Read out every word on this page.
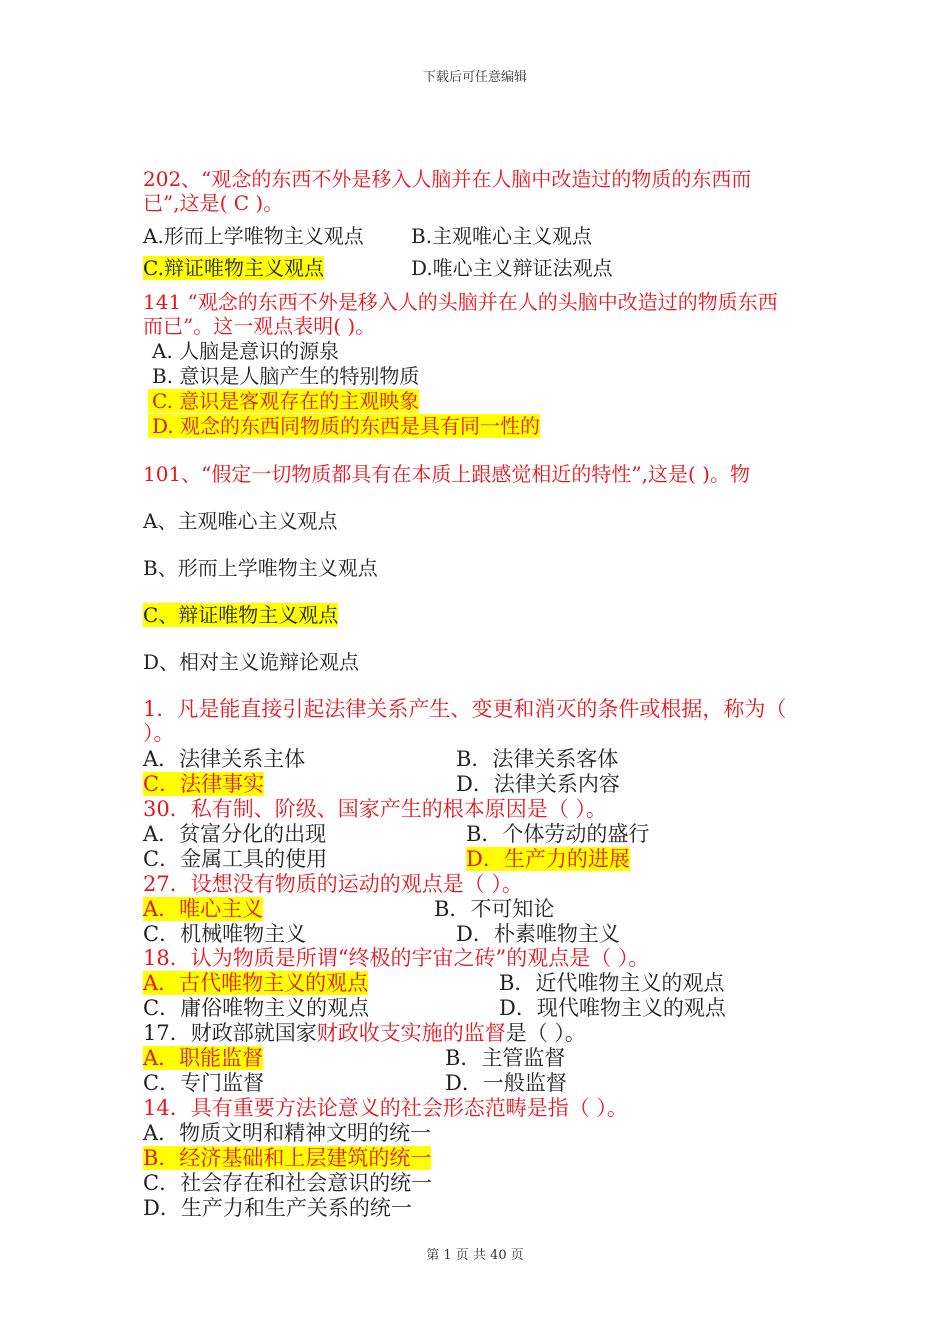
下载后可任意编辑
202、“观念的东西不外是移入人脑并在人脑中改造过的物质的东西而
已”,这是( C )。
A.形而上学唯物主义观点 B.主观唯心主义观点
C.辩证唯物主义观点	D.唯心主义辩证法观点
141 “观念的东西不外是移入人的头脑并在人的头脑中改造过的物质东西
而已”。这一观点表明( )。
A. 人脑是意识的源泉
B. 意识是人脑产生的特别物质
C. 意识是客观存在的主观映象
D. 观念的东西同物质的东西是具有同一性的
101、“假定一切物质都具有在本质上跟感觉相近的特性”,这是( )。物
A、主观唯心主义观点
B、形而上学唯物主义观点
C、辩证唯物主义观点
D、相对主义诡辩论观点
1．凡是能直接引起法律关系产生、变更和消灭的条件或根据，称为（
）。
A．法律关系主体	B．法律关系客体
C．法律事实	D．法律关系内容
30．私有制、阶级、国家产生的根本原因是（ ）。
A．贫富分化的出现	B．个体劳动的盛行
C．金属工具的使用	D．生产力的进展
27．设想没有物质的运动的观点是（ ）。
A．唯心主义	B．不可知论
C．机械唯物主义	D．朴素唯物主义
18．认为物质是所谓“终极的宇宙之砖”的观点是（ ）。
A．古代唯物主义的观点	B．近代唯物主义的观点
C．庸俗唯物主义的观点	D．现代唯物主义的观点
17．财政部就国家财政收支实施的监督是（ ）。
A．职能监督	B．主管监督
C．专门监督	D．一般监督
14．具有重要方法论意义的社会形态范畴是指（ ）。
A．物质文明和精神文明的统一
B．经济基础和上层建筑的统一
C．社会存在和社会意识的统一
D．生产力和生产关系的统一
第 1 页 共 40 页
